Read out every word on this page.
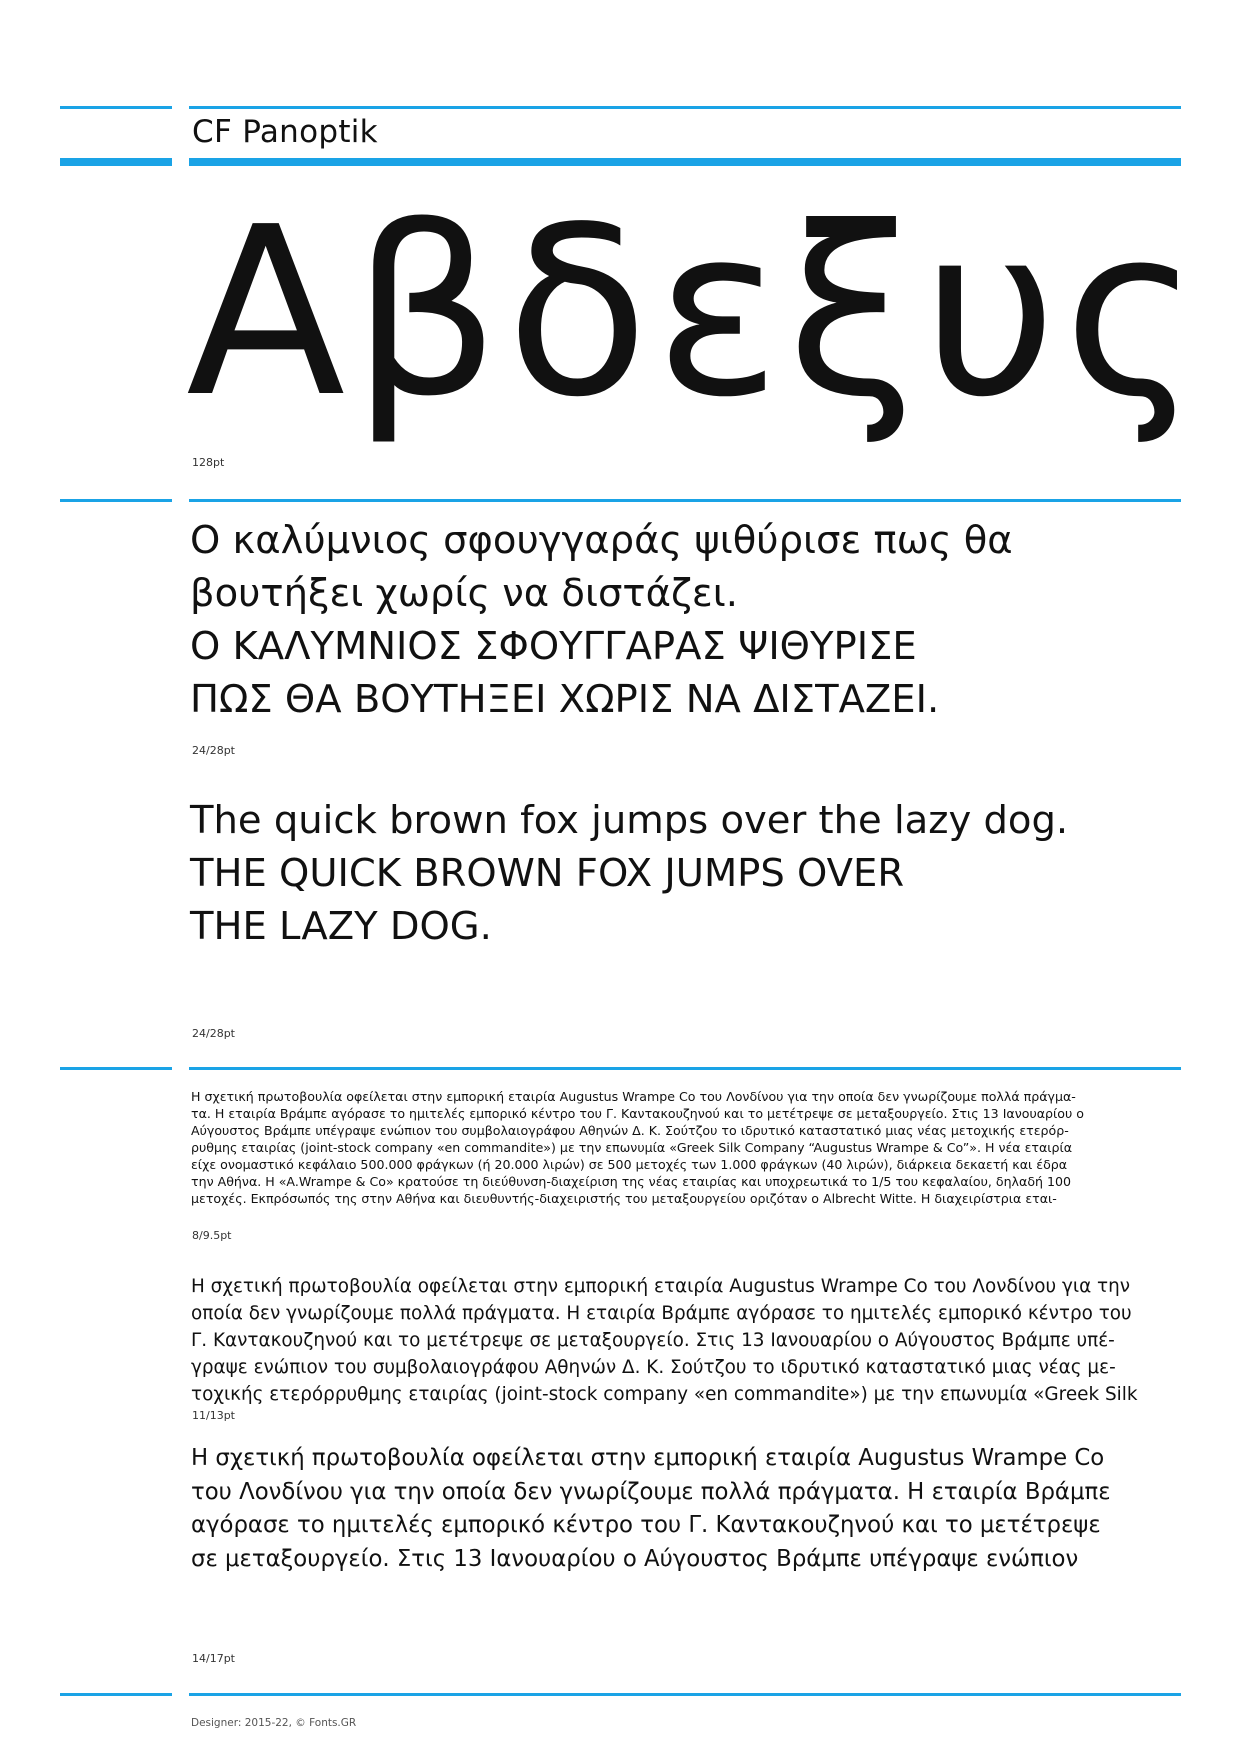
CF Panoptik
Αβδεξυς
128pt
Ο καλύμνιος σφουγγαράς ψιθύρισε πως θα
βουτήξει χωρίς να διστάζει.
Ο ΚΑΛΥΜΝΙΟΣ ΣΦΟΥΓΓΑΡΑΣ ΨΙΘΥΡΙΣΕ
ΠΩΣ ΘΑ ΒΟΥΤΗΞΕΙ ΧΩΡΙΣ ΝΑ ΔΙΣΤΑΖΕΙ.
24/28pt
The quick brown fox jumps over the lazy dog.
THE QUICK BROWN FOX JUMPS OVER
THE LAZY DOG.
24/28pt
Η σχετική πρωτοβουλία οφείλεται στην εμπορική εταιρία Augustus Wrampe Co του Λονδίνου για την οποία δεν γνωρίζουμε πολλά πράγμα-
τα. Η εταιρία Βράμπε αγόρασε το ημιτελές εμπορικό κέντρο του Γ. Καντακουζηνού και το μετέτρεψε σε μεταξουργείο. Στις 13 Ιανουαρίου ο
Αύγουστος Βράμπε υπέγραψε ενώπιον του συμβολαιογράφου Αθηνών Δ. Κ. Σούτζου το ιδρυτικό καταστατικό μιας νέας μετοχικής ετερόρ-
ρυθμης εταιρίας (joint-stock company «en commandite») με την επωνυμία «Greek Silk Company “Augustus Wrampe & Co”». Η νέα εταιρία
είχε ονομαστικό κεφάλαιο 500.000 φράγκων (ή 20.000 λιρών) σε 500 μετοχές των 1.000 φράγκων (40 λιρών), διάρκεια δεκαετή και έδρα
την Αθήνα. Η «A.Wrampe & Co» κρατούσε τη διεύθυνση-διαχείριση της νέας εταιρίας και υποχρεωτικά το 1/5 του κεφαλαίου, δηλαδή 100
μετοχές. Εκπρόσωπός της στην Αθήνα και διευθυντής-διαχειριστής του μεταξουργείου οριζόταν ο Albrecht Witte. Η διαχειρίστρια εται-
8/9.5pt
Η σχετική πρωτοβουλία οφείλεται στην εμπορική εταιρία Augustus Wrampe Co του Λονδίνου για την
οποία δεν γνωρίζουμε πολλά πράγματα. Η εταιρία Βράμπε αγόρασε το ημιτελές εμπορικό κέντρο του
Γ. Καντακουζηνού και το μετέτρεψε σε μεταξουργείο. Στις 13 Ιανουαρίου ο Αύγουστος Βράμπε υπέ-
γραψε ενώπιον του συμβολαιογράφου Αθηνών Δ. Κ. Σούτζου το ιδρυτικό καταστατικό μιας νέας με-
τοχικής ετερόρρυθμης εταιρίας (joint-stock company «en commandite») με την επωνυμία «Greek Silk
11/13pt
Η σχετική πρωτοβουλία οφείλεται στην εμπορική εταιρία Augustus Wrampe Co
του Λονδίνου για την οποία δεν γνωρίζουμε πολλά πράγματα. Η εταιρία Βράμπε
αγόρασε το ημιτελές εμπορικό κέντρο του Γ. Καντακουζηνού και το μετέτρεψε
σε μεταξουργείο. Στις 13 Ιανουαρίου ο Αύγουστος Βράμπε υπέγραψε ενώπιον
14/17pt
Designer: 2015-22, © Fonts.GR
